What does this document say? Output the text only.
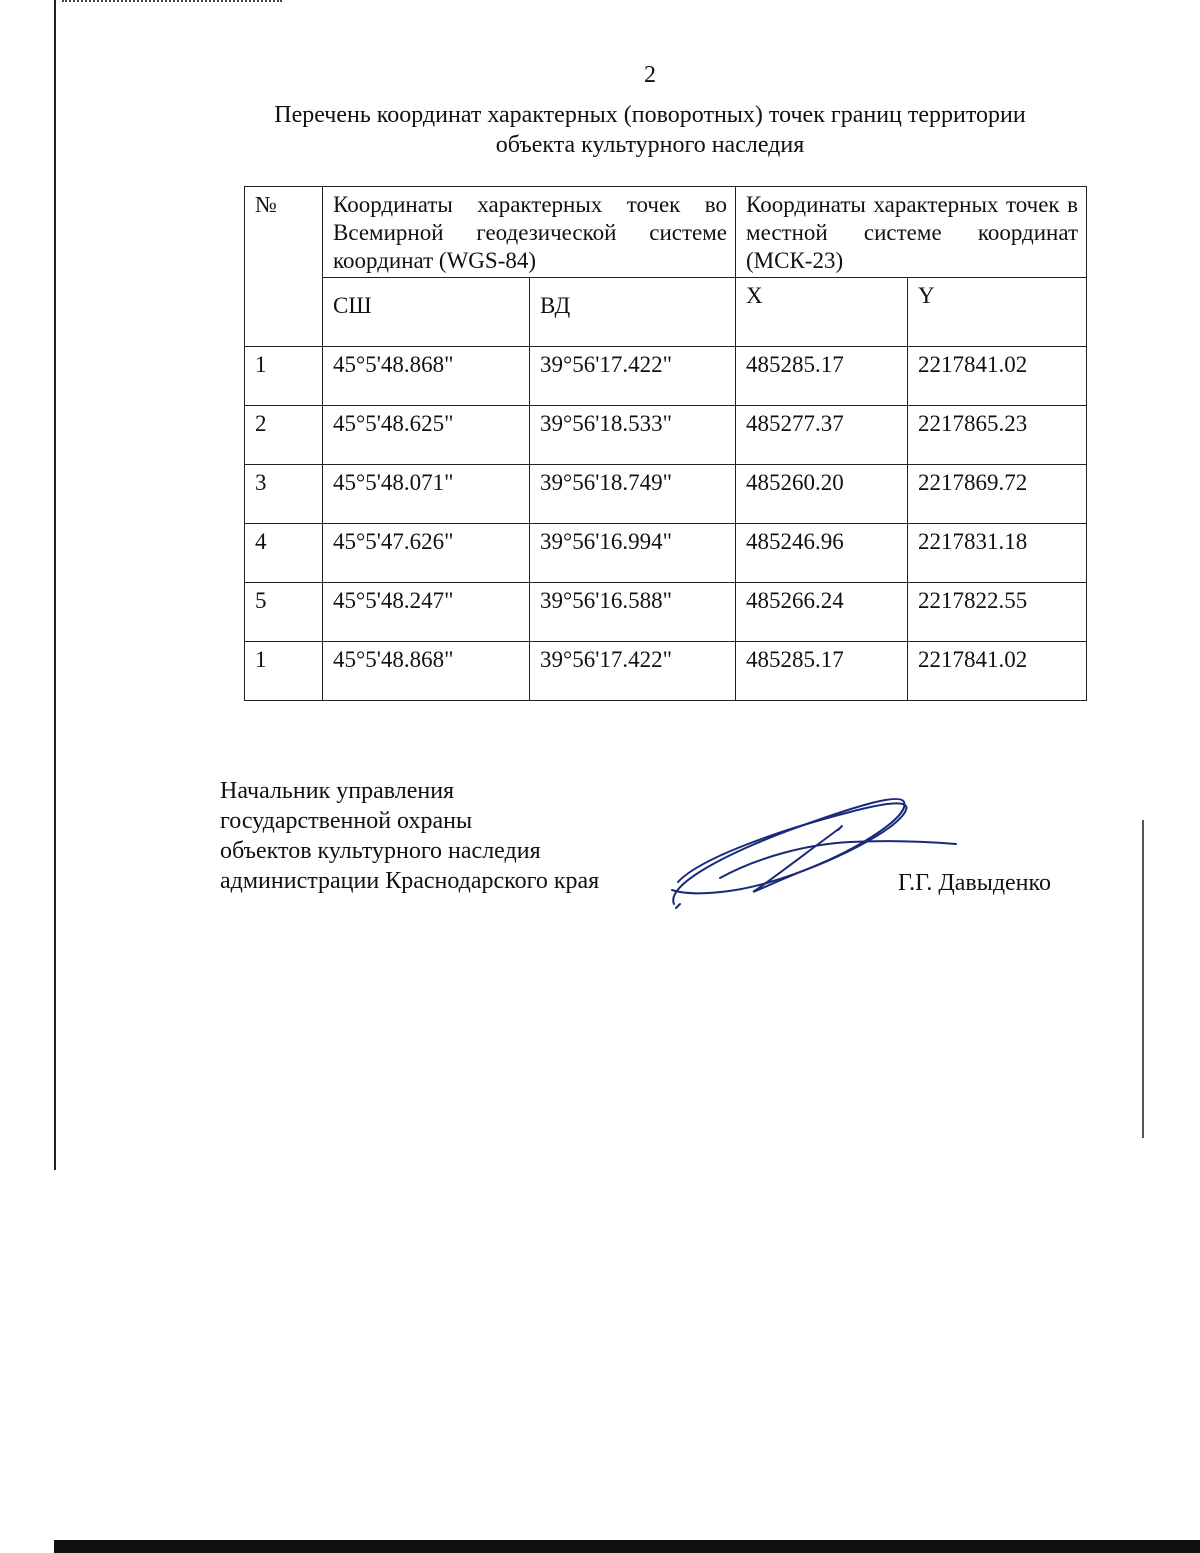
2
Перечень координат характерных (поворотных) точек границ территории
объекта культурного наследия
№	Координаты характерных точек во Всемирной геодезической системе координат (WGS-84)		Координаты характерных точек в местной системе координат (МСК-23)	
	СШ	ВД	X	Y
1	45°5'48.868"	39°56'17.422"	485285.17	2217841.02
2	45°5'48.625"	39°56'18.533"	485277.37	2217865.23
3	45°5'48.071"	39°56'18.749"	485260.20	2217869.72
4	45°5'47.626"	39°56'16.994"	485246.96	2217831.18
5	45°5'48.247"	39°56'16.588"	485266.24	2217822.55
1	45°5'48.868"	39°56'17.422"	485285.17	2217841.02
Начальник управления
государственной охраны
объектов культурного наследия
администрации Краснодарского края	Г.Г. Давыденко
